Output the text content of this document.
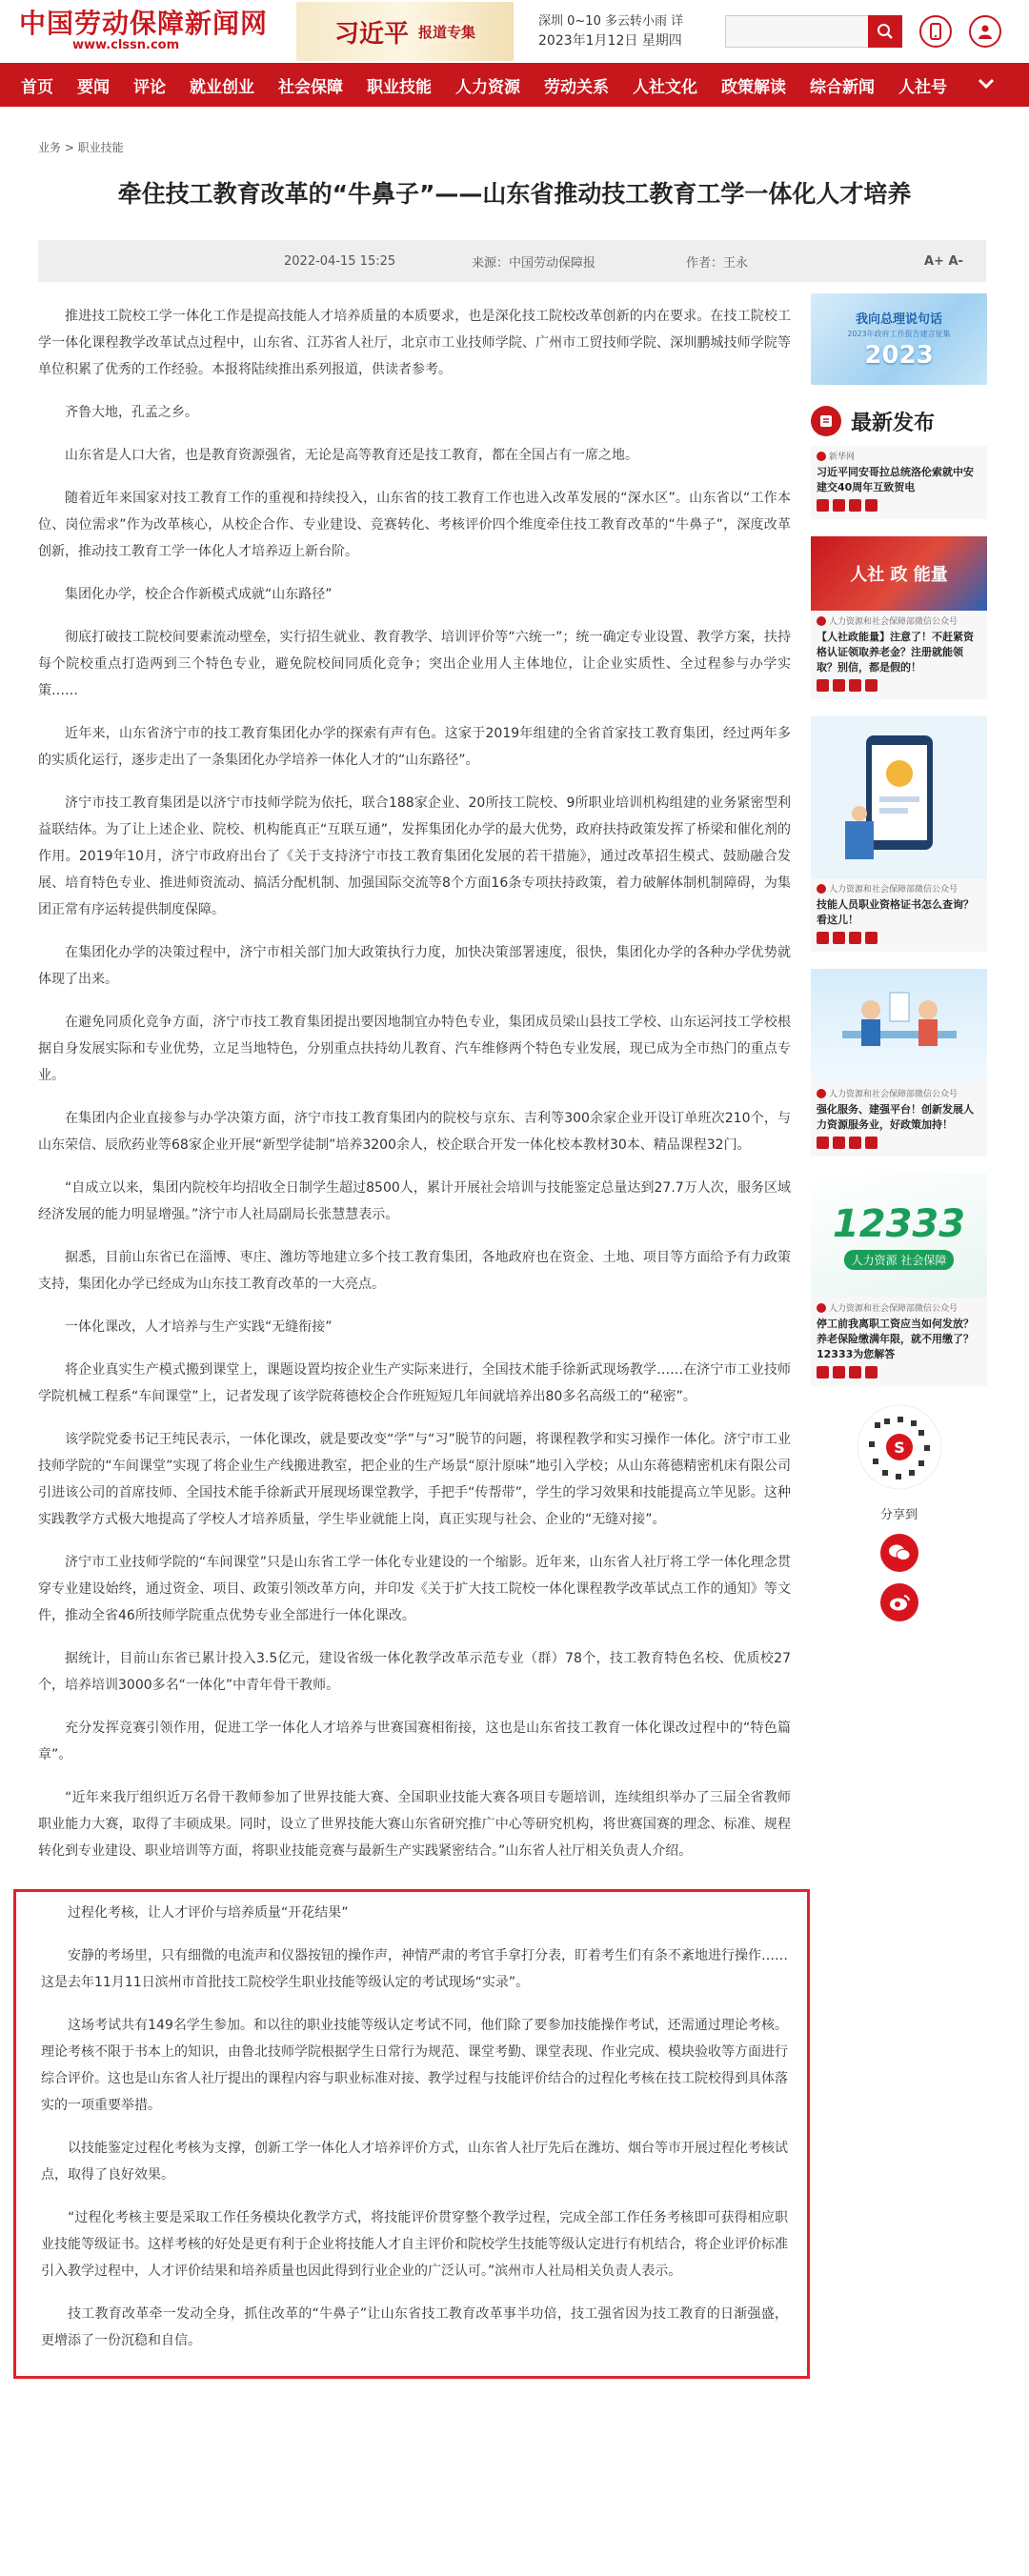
中国劳动保障新闻网
www.clssn.com	习近平 报道专集
深圳 0~10 多云转小雨 详
2023年1月12日 星期四
首页 要闻 评论 就业创业 社会保障 职业技能 人力资源 劳动关系 人社文化 政策解读 综合新闻 人社号
业务 > 职业技能
牵住技工教育改革的“牛鼻子”——山东省推动技工教育工学一体化人才培养
2022-04-15 15:25	来源：中国劳动保障报	作者：王永	A+ A-

推进技工院校工学一体化工作是提高技能人才培养质量的本质要求，也是深化技工院校改革创新的内在要求。在技工院校工学一体化课程教学改革试点过程中，山东省、江苏省人社厅，北京市工业技师学院、广州市工贸技师学院、深圳鹏城技师学院等单位积累了优秀的工作经验。本报将陆续推出系列报道，供读者参考。

齐鲁大地，孔孟之乡。

山东省是人口大省，也是教育资源强省，无论是高等教育还是技工教育，都在全国占有一席之地。

随着近年来国家对技工教育工作的重视和持续投入，山东省的技工教育工作也进入改革发展的“深水区”。山东省以“工作本位、岗位需求”作为改革核心，从校企合作、专业建设、竞赛转化、考核评价四个维度牵住技工教育改革的“牛鼻子”，深度改革创新，推动技工教育工学一体化人才培养迈上新台阶。

集团化办学，校企合作新模式成就“山东路径”

彻底打破技工院校间要素流动壁垒，实行招生就业、教育教学、培训评价等“六统一”；统一确定专业设置、教学方案，扶持每个院校重点打造两到三个特色专业，避免院校间同质化竞争；突出企业用人主体地位，让企业实质性、全过程参与办学实策……

近年来，山东省济宁市的技工教育集团化办学的探索有声有色。这家于2019年组建的全省首家技工教育集团，经过两年多的实质化运行，逐步走出了一条集团化办学培养一体化人才的“山东路径”。

济宁市技工教育集团是以济宁市技师学院为依托，联合188家企业、20所技工院校、9所职业培训机构组建的业务紧密型利益联结体。为了让上述企业、院校、机构能真正“互联互通”，发挥集团化办学的最大优势，政府扶持政策发挥了桥梁和催化剂的作用。2019年10月，济宁市政府出台了《关于支持济宁市技工教育集团化发展的若干措施》，通过改革招生模式、鼓励融合发展、培育特色专业、推进师资流动、搞活分配机制、加强国际交流等8个方面16条专项扶持政策，着力破解体制机制障碍，为集团正常有序运转提供制度保障。

在集团化办学的决策过程中，济宁市相关部门加大政策执行力度，加快决策部署速度，很快，集团化办学的各种办学优势就体现了出来。

在避免同质化竞争方面，济宁市技工教育集团提出要因地制宜办特色专业，集团成员梁山县技工学校、山东运河技工学校根据自身发展实际和专业优势，立足当地特色，分别重点扶持幼儿教育、汽车维修两个特色专业发展，现已成为全市热门的重点专业。

在集团内企业直接参与办学决策方面，济宁市技工教育集团内的院校与京东、吉利等300余家企业开设订单班次210个，与山东荣信、辰欣药业等68家企业开展“新型学徒制”培养3200余人，校企联合开发一体化校本教材30本、精品课程32门。

“自成立以来，集团内院校年均招收全日制学生超过8500人，累计开展社会培训与技能鉴定总量达到27.7万人次，服务区域经济发展的能力明显增强。”济宁市人社局副局长张慧慧表示。

据悉，目前山东省已在淄博、枣庄、潍坊等地建立多个技工教育集团，各地政府也在资金、土地、项目等方面给予有力政策支持，集团化办学已经成为山东技工教育改革的一大亮点。

一体化课改，人才培养与生产实践“无缝衔接”

将企业真实生产模式搬到课堂上，课题设置均按企业生产实际来进行，全国技术能手徐新武现场教学……在济宁市工业技师学院机械工程系“车间课堂”上，记者发现了该学院蒋德校企合作班短短几年间就培养出80多名高级工的“秘密”。

该学院党委书记王纯民表示，一体化课改，就是要改变“学”与“习”脱节的问题，将课程教学和实习操作一体化。济宁市工业技师学院的“车间课堂”实现了将企业生产线搬进教室，把企业的生产场景“原汁原味”地引入学校；从山东蒋德精密机床有限公司引进该公司的首席技师、全国技术能手徐新武开展现场课堂教学，手把手“传帮带”，学生的学习效果和技能提高立竿见影。这种实践教学方式极大地提高了学校人才培养质量，学生毕业就能上岗，真正实现与社会、企业的“无缝对接”。

济宁市工业技师学院的“车间课堂”只是山东省工学一体化专业建设的一个缩影。近年来，山东省人社厅将工学一体化理念贯穿专业建设始终，通过资金、项目、政策引领改革方向，并印发《关于扩大技工院校一体化课程教学改革试点工作的通知》等文件，推动全省46所技师学院重点优势专业全部进行一体化课改。

据统计，目前山东省已累计投入3.5亿元，建设省级一体化教学改革示范专业（群）78个，技工教育特色名校、优质校27个，培养培训3000多名“一体化”中青年骨干教师。

充分发挥竞赛引领作用，促进工学一体化人才培养与世赛国赛相衔接，这也是山东省技工教育一体化课改过程中的“特色篇章”。

“近年来我厅组织近万名骨干教师参加了世界技能大赛、全国职业技能大赛各项目专题培训，连续组织举办了三届全省教师职业能力大赛，取得了丰硕成果。同时，设立了世界技能大赛山东省研究推广中心等研究机构，将世赛国赛的理念、标准、规程转化到专业建设、职业培训等方面，将职业技能竞赛与最新生产实践紧密结合。”山东省人社厅相关负责人介绍。

过程化考核，让人才评价与培养质量“开花结果”

安静的考场里，只有细微的电流声和仪器按钮的操作声，神情严肃的考官手拿打分表，盯着考生们有条不紊地进行操作……这是去年11月11日滨州市首批技工院校学生职业技能等级认定的考试现场“实录”。

这场考试共有149名学生参加。和以往的职业技能等级认定考试不同，他们除了要参加技能操作考试，还需通过理论考核。理论考核不限于书本上的知识，由鲁北技师学院根据学生日常行为规范、课堂考勤、课堂表现、作业完成、模块验收等方面进行综合评价。这也是山东省人社厅提出的课程内容与职业标准对接、教学过程与技能评价结合的过程化考核在技工院校得到具体落实的一项重要举措。

以技能鉴定过程化考核为支撑，创新工学一体化人才培养评价方式，山东省人社厅先后在潍坊、烟台等市开展过程化考核试点，取得了良好效果。

“过程化考核主要是采取工作任务模块化教学方式，将技能评价贯穿整个教学过程，完成全部工作任务考核即可获得相应职业技能等级证书。这样考核的好处是更有利于企业将技能人才自主评价和院校学生技能等级认定进行有机结合，将企业评价标准引入教学过程中，人才评价结果和培养质量也因此得到行业企业的广泛认可。”滨州市人社局相关负责人表示。

技工教育改革牵一发动全身，抓住改革的“牛鼻子”让山东省技工教育改革事半功倍，技工强省因为技工教育的日渐强盛，更增添了一份沉稳和自信。

我向总理说句话
2023年政府工作报告建言征集
2023
最新发布
新华网
习近平同安哥拉总统洛伦索就中安建交40周年互致贺电
人社 政 能量
人力资源和社会保障部微信公众号
【人社政能量】注意了！不赶紧资格认证领取养老金？注册就能领取？别信，都是假的！
人力资源和社会保障部微信公众号
技能人员职业资格证书怎么查询？看这儿！
人力资源和社会保障部微信公众号
强化服务、建强平台！创新发展人力资源服务业，好政策加持！
12333
人力资源 社会保障
人力资源和社会保障部微信公众号
停工前我离职工资应当如何发放？养老保险缴满年限，就不用缴了？12333为您解答
S
分享到
